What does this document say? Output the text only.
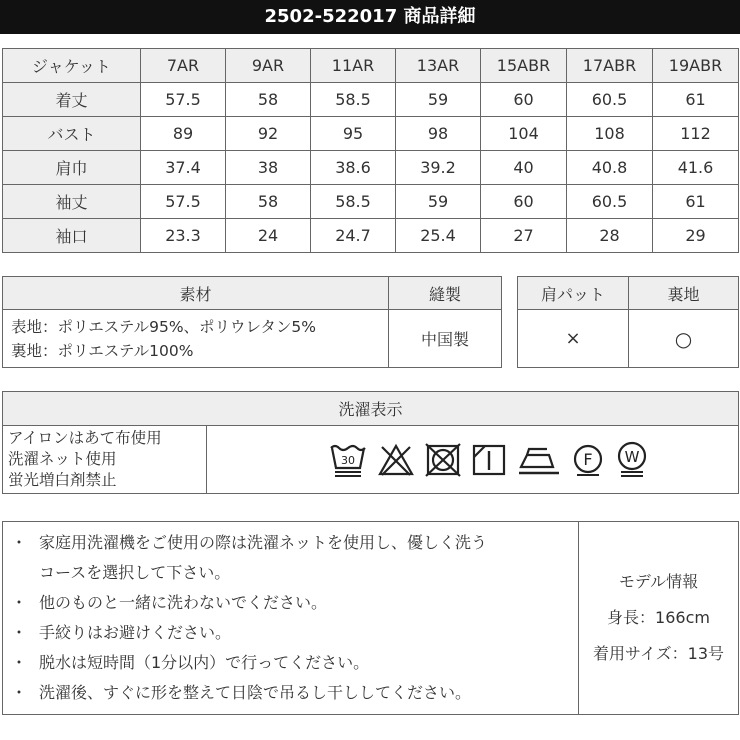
2502-522017 商品詳細
ジャケット	7AR	9AR	11AR	13AR	15ABR	17ABR	19ABR
着丈	57.5	58	58.5	59	60	60.5	61
バスト	89	92	95	98	104	108	112
肩巾	37.4	38	38.6	39.2	40	40.8	41.6
袖丈	57.5	58	58.5	59	60	60.5	61
袖口	23.3	24	24.7	25.4	27	28	29
素材	縫製

表地：ポリエステル95%、ポリウレタン5%
裏地：ポリエステル100%	中国製
肩パット	裏地
×	○
洗濯表示

アイロンはあて布使用
洗濯ネット使用
蛍光増白剤禁止

30	F W
・ 家庭用洗濯機をご使用の際は洗濯ネットを使用し、優しく洗う
コースを選択して下さい。
・ 他のものと一緒に洗わないでください。
・ 手絞りはお避けください。
・ 脱水は短時間（1分以内）で行ってください。
・ 洗濯後、すぐに形を整えて日陰で吊るし干ししてください。

モデル情報
身長：166cm
着用サイズ：13号
